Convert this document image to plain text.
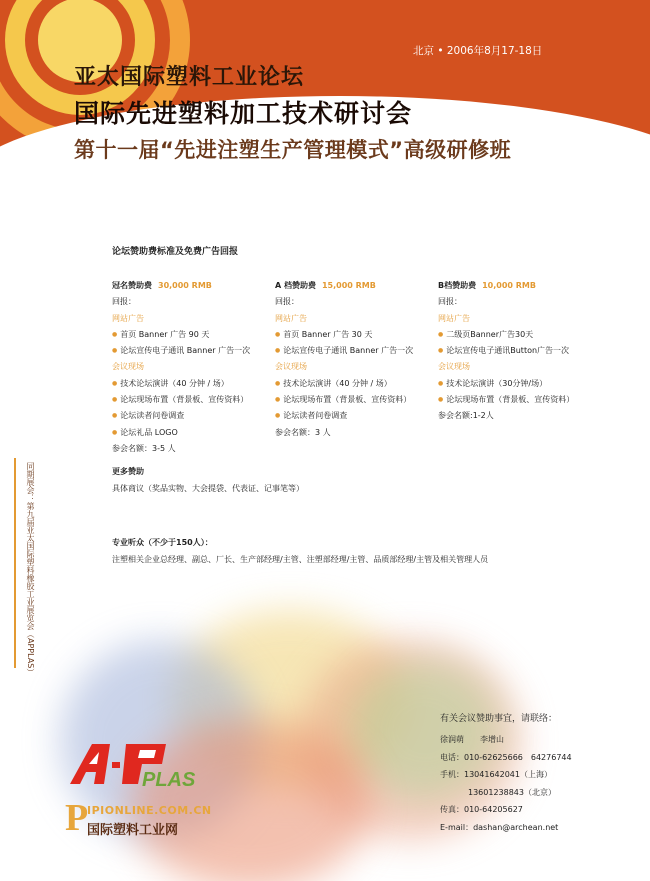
北京 • 2006年8月17-18日
亚太国际塑料工业论坛
国际先进塑料加工技术研讨会
第十一届“先进注塑生产管理模式”高级研修班
论坛赞助费标准及免费广告回报
冠名赞助费 30,000 RMB
回报：
网站广告
● 首页 Banner 广告 90 天
● 论坛宣传电子通讯 Banner 广告一次
会议现场
● 技术论坛演讲（40 分钟 / 场）
● 论坛现场布置（背景板、宣传资料）
● 论坛读者问卷调查
● 论坛礼品 LOGO
参会名额：3-5 人
A 档赞助费 15,000 RMB
回报：
网站广告
● 首页 Banner 广告 30 天
● 论坛宣传电子通讯 Banner 广告一次
会议现场
● 技术论坛演讲（40 分钟 / 场）
● 论坛现场布置（背景板、宣传资料）
● 论坛读者问卷调查
参会名额：3 人
B档赞助费 10,000 RMB
回报：
网站广告
● 二级页Banner广告30天
● 论坛宣传电子通讯Button广告一次
会议现场
● 技术论坛演讲（30分钟/场）
● 论坛现场布置（背景板、宣传资料）
参会名额:1-2人
更多赞助
具体商议（奖品实物、大会提袋、代表证、记事笔等）
专业听众（不少于150人）：
注塑相关企业总经理、副总、厂长、生产部经理/主管、注塑部经理/主管、品质部经理/主管及相关管理人员
同期展会：第九届亚太国际塑料橡胶工业展览会（APPLAS）
有关会议赞助事宜，请联络：
徐润萌　　李增山
电话：010-62625666　64276744
手机：13041642041（上海）
13601238843（北京）
传真：010-64205627
E-mail：dashan@archean.net
PLAS
P
IPIONLINE.COM.CN
国际塑料工业网
